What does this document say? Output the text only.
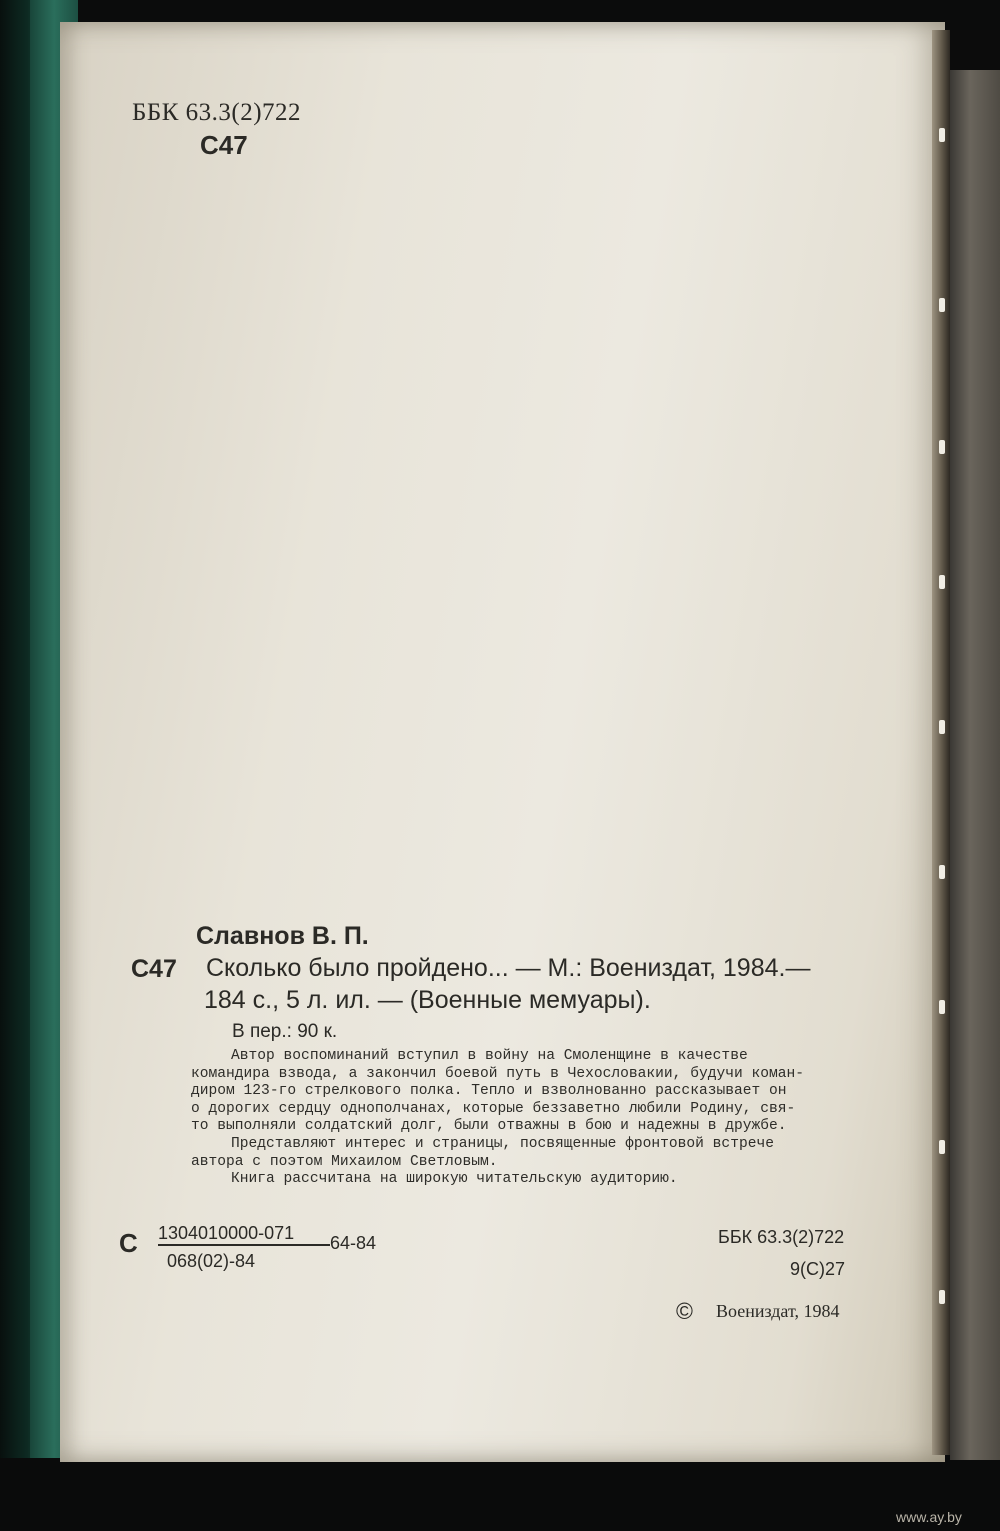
ББК 63.3(2)722

С47

Славнов В. П.

С47 Сколько было пройдено... — М.: Воениздат, 1984.—

184 с., 5 л. ил. — (Военные мемуары).

В пер.: 90 к.

Автор воспоминаний вступил в войну на Смоленщине в качестве
командира взвода, а закончил боевой путь в Чехословакии, будучи коман-
диром 123-го стрелкового полка. Тепло и взволнованно рассказывает он
о дорогих сердцу однополчанах, которые беззаветно любили Родину, свя-
то выполняли солдатский долг, были отважны в бою и надежны в дружбе.
Представляют интерес и страницы, посвященные фронтовой встрече
автора с поэтом Михаилом Светловым.
Книга рассчитана на широкую читательскую аудиторию.

С 1304010000-071 64-84

068(02)-84

ББК 63.3(2)722

9(С)27

© Воениздат, 1984

www.ay.by
